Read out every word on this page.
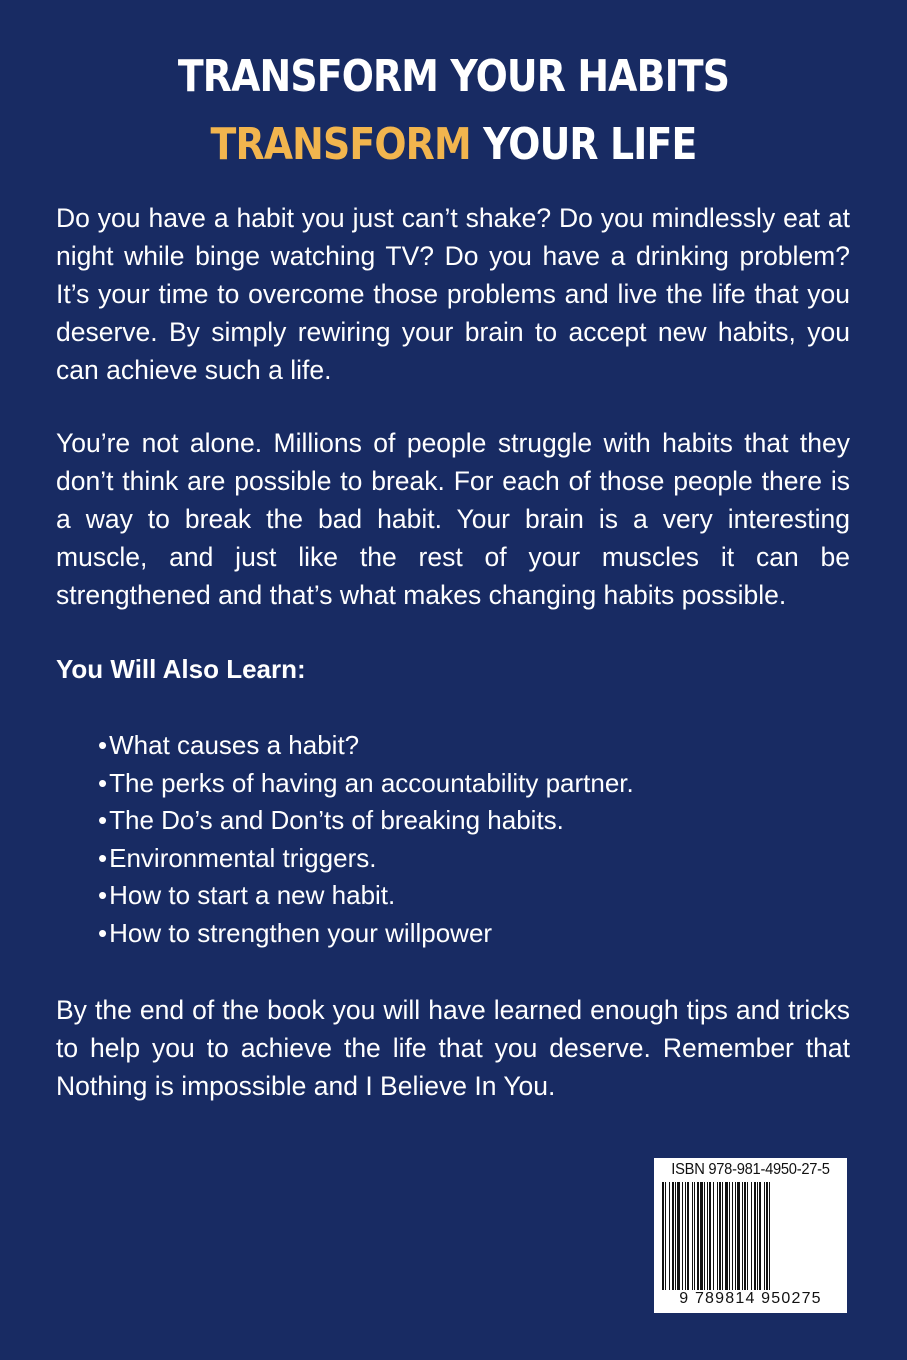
TRANSFORM YOUR HABITS
TRANSFORM YOUR LIFE

Do you have a habit you just can’t shake? Do you mindlessly eat at night while binge watching TV? Do you have a drinking problem? It’s your time to overcome those problems and live the life that you deserve. By simply rewiring your brain to accept new habits, you can achieve such a life.

You’re not alone. Millions of people struggle with habits that they don’t think are possible to break. For each of those people there is a way to break the bad habit. Your brain is a very interesting muscle, and just like the rest of your muscles it can be strengthened and that’s what makes changing habits possible.

You Will Also Learn:

•What causes a habit?
•The perks of having an accountability partner.
•The Do’s and Don’ts of breaking habits.
•Environmental triggers.
•How to start a new habit.
•How to strengthen your willpower

By the end of the book you will have learned enough tips and tricks to help you to achieve the life that you deserve. Remember that Nothing is impossible and I Believe In You.

ISBN 978-981-4950-27-5
9 789814 950275
